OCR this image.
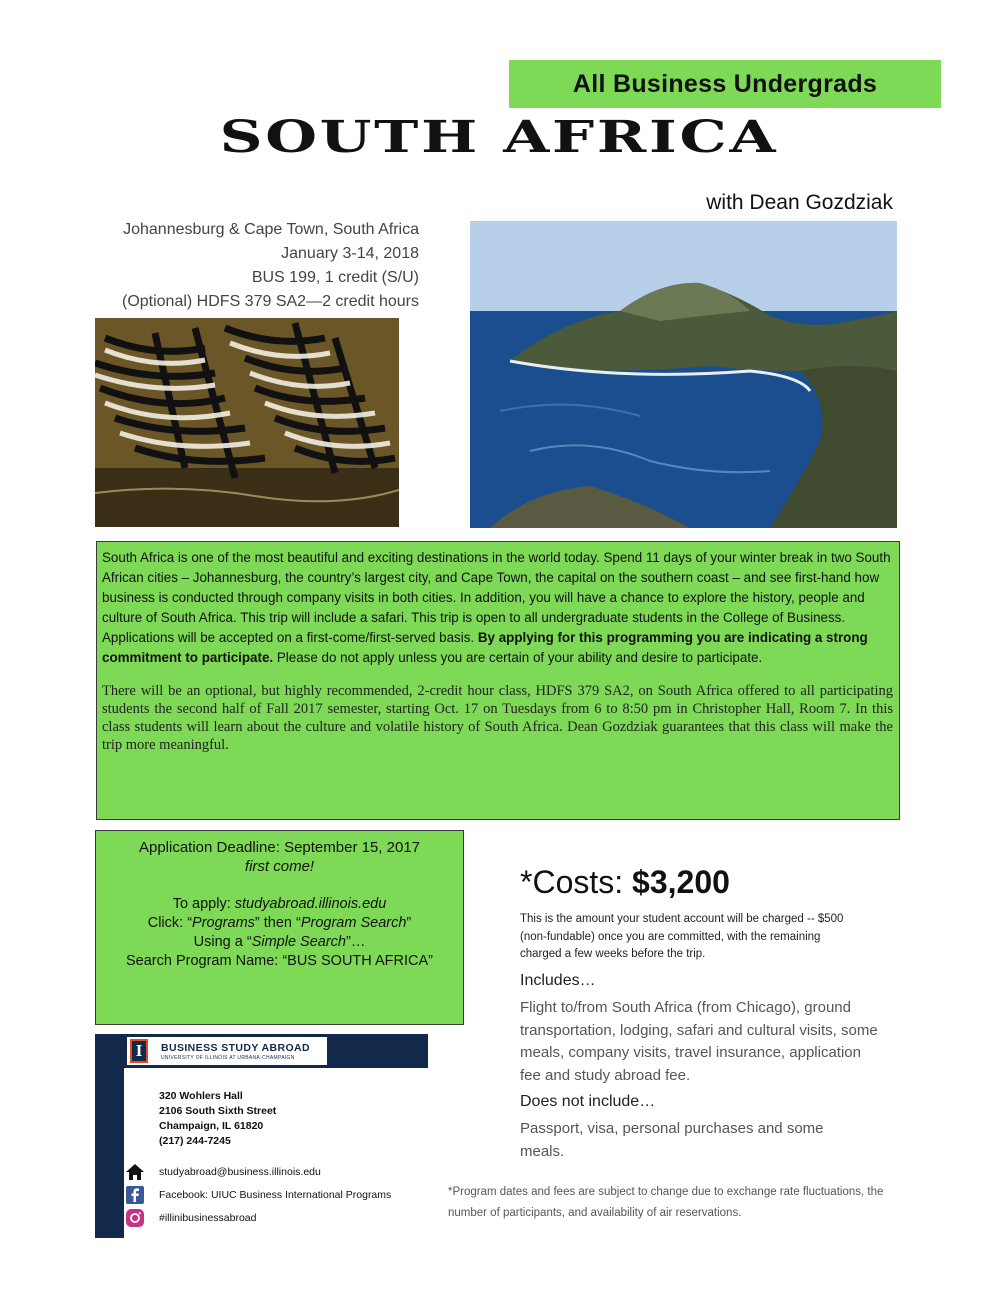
All Business Undergrads
SOUTH AFRICA
with Dean Gozdziak
Johannesburg & Cape Town, South Africa
January 3-14, 2018
BUS 199, 1 credit (S/U)
(Optional) HDFS 379 SA2—2 credit hours
South Africa is one of the most beautiful and exciting destinations in the world today. Spend 11 days of your winter break in two South African cities – Johannesburg, the country’s largest city, and Cape Town, the capital on the southern coast – and see first-hand how business is conducted through company visits in both cities. In addition, you will have a chance to explore the history, people and culture of South Africa. This trip will include a safari. This trip is open to all undergraduate students in the College of Business. Applications will be accepted on a first-come/first-served basis. By applying for this programming you are indicating a strong commitment to participate. Please do not apply unless you are certain of your ability and desire to participate.
There will be an optional, but highly recommended, 2-credit hour class, HDFS 379 SA2, on South Africa offered to all participating students the second half of Fall 2017 semester, starting Oct. 17 on Tuesdays from 6 to 8:50 pm in Christopher Hall, Room 7. In this class students will learn about the culture and volatile history of South Africa. Dean Gozdziak guarantees that this class will make the trip more meaningful.
Application Deadline: September 15, 2017
first come!
To apply: studyabroad.illinois.edu
Click: “Programs” then “Program Search”
Using a “Simple Search”…
Search Program Name: “BUS SOUTH AFRICA”
*Costs: $3,200
This is the amount your student account will be charged -- $500 (non-fundable) once you are committed, with the remaining charged a few weeks before the trip.
Includes…
Flight to/from South Africa (from Chicago), ground transportation, lodging, safari and cultural visits, some meals, company visits, travel insurance, application fee and study abroad fee.
Does not include…
Passport, visa, personal purchases and some meals.
*Program dates and fees are subject to change due to exchange rate fluctuations, the number of participants, and availability of air reservations.
I	BUSINESS STUDY ABROAD
UNIVERSITY OF ILLINOIS AT URBANA-CHAMPAIGN
320 Wohlers Hall
2106 South Sixth Street
Champaign, IL 61820
(217) 244-7245
studyabroad@business.illinois.edu
Facebook: UIUC Business International Programs
#illinibusinessabroad
